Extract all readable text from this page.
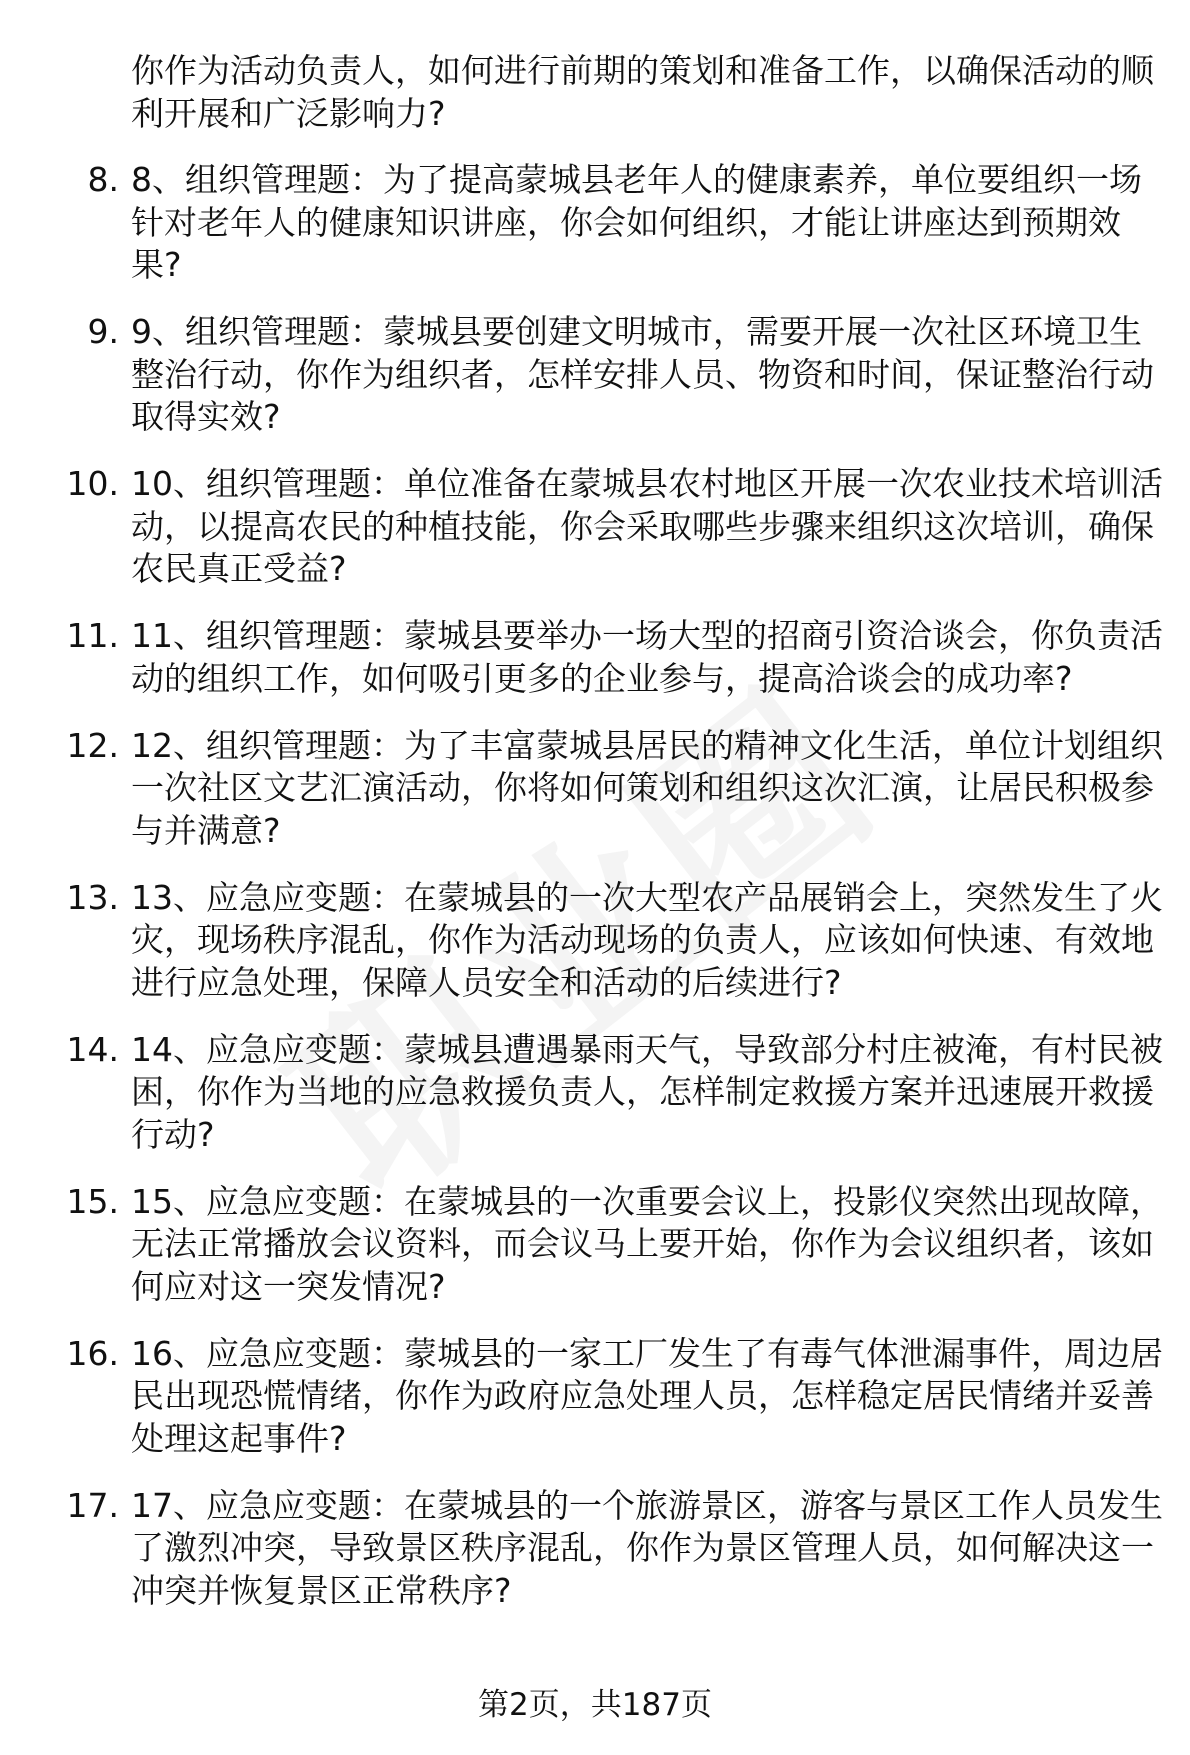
你作为活动负责人，如何进行前期的策划和准备工作，以确保活动的顺利开展和广泛影响力?
8. 8、组织管理题：为了提高蒙城县老年人的健康素养，单位要组织一场针对老年人的健康知识讲座，你会如何组织，才能让讲座达到预期效果?
9. 9、组织管理题：蒙城县要创建文明城市，需要开展一次社区环境卫生整治行动，你作为组织者，怎样安排人员、物资和时间，保证整治行动取得实效?
10. 10、组织管理题：单位准备在蒙城县农村地区开展一次农业技术培训活动，以提高农民的种植技能，你会采取哪些步骤来组织这次培训，确保农民真正受益?
11. 11、组织管理题：蒙城县要举办一场大型的招商引资洽谈会，你负责活动的组织工作，如何吸引更多的企业参与，提高洽谈会的成功率?
12. 12、组织管理题：为了丰富蒙城县居民的精神文化生活，单位计划组织一次社区文艺汇演活动，你将如何策划和组织这次汇演，让居民积极参与并满意?
13. 13、应急应变题：在蒙城县的一次大型农产品展销会上，突然发生了火灾，现场秩序混乱，你作为活动现场的负责人，应该如何快速、有效地进行应急处理，保障人员安全和活动的后续进行?
14. 14、应急应变题：蒙城县遭遇暴雨天气，导致部分村庄被淹，有村民被困，你作为当地的应急救援负责人，怎样制定救援方案并迅速展开救援行动?
15. 15、应急应变题：在蒙城县的一次重要会议上，投影仪突然出现故障，无法正常播放会议资料，而会议马上要开始，你作为会议组织者，该如何应对这一突发情况?
16. 16、应急应变题：蒙城县的一家工厂发生了有毒气体泄漏事件，周边居民出现恐慌情绪，你作为政府应急处理人员，怎样稳定居民情绪并妥善处理这起事件?
17. 17、应急应变题：在蒙城县的一个旅游景区，游客与景区工作人员发生了激烈冲突，导致景区秩序混乱，你作为景区管理人员，如何解决这一冲突并恢复景区正常秩序?
第2页，共187页
